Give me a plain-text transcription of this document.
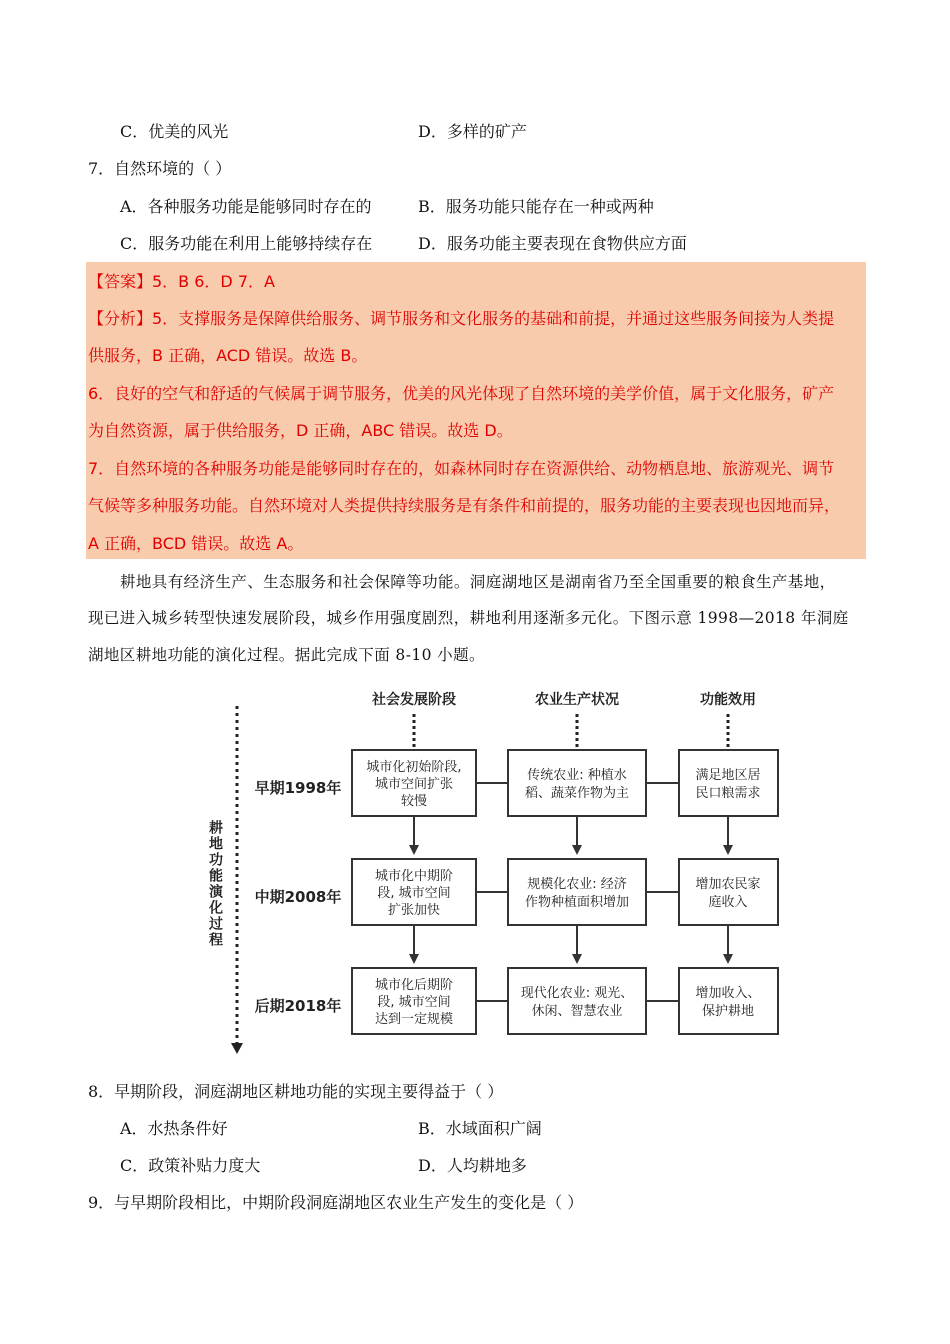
C．优美的风光	D．多样的矿产
7．自然环境的（ ）
A．各种服务功能是能够同时存在的	B．服务功能只能存在一种或两种
C．服务功能在利用上能够持续存在	D．服务功能主要表现在食物供应方面
【答案】5．B 6．D 7．A
【分析】5．支撑服务是保障供给服务、调节服务和文化服务的基础和前提，并通过这些服务间接为人类提
供服务，B 正确，ACD 错误。故选 B。
6．良好的空气和舒适的气候属于调节服务，优美的风光体现了自然环境的美学价值，属于文化服务，矿产
为自然资源，属于供给服务，D 正确，ABC 错误。故选 D。
7．自然环境的各种服务功能是能够同时存在的，如森林同时存在资源供给、动物栖息地、旅游观光、调节
气候等多种服务功能。自然环境对人类提供持续服务是有条件和前提的，服务功能的主要表现也因地而异，
A 正确，BCD 错误。故选 A。
耕地具有经济生产、生态服务和社会保障等功能。洞庭湖地区是湖南省乃至全国重要的粮食生产基地，
现已进入城乡转型快速发展阶段，城乡作用强度剧烈，耕地利用逐渐多元化。下图示意 1998—2018 年洞庭
湖地区耕地功能的演化过程。据此完成下面 8-10 小题。
耕地功能演化过程
社会发展阶段	农业生产状况	功能效用
早期1998年
中期2008年
后期2018年
城市化初始阶段,
城市空间扩张
较慢
传统农业: 种植水
稻、蔬菜作物为主
满足地区居
民口粮需求
城市化中期阶
段, 城市空间
扩张加快
规模化农业: 经济
作物种植面积增加
增加农民家
庭收入
城市化后期阶
段, 城市空间
达到一定规模
现代化农业: 观光、
休闲、智慧农业
增加收入、
保护耕地
8．早期阶段，洞庭湖地区耕地功能的实现主要得益于（ ）
A．水热条件好	B．水域面积广阔
C．政策补贴力度大	D．人均耕地多
9．与早期阶段相比，中期阶段洞庭湖地区农业生产发生的变化是（ ）
